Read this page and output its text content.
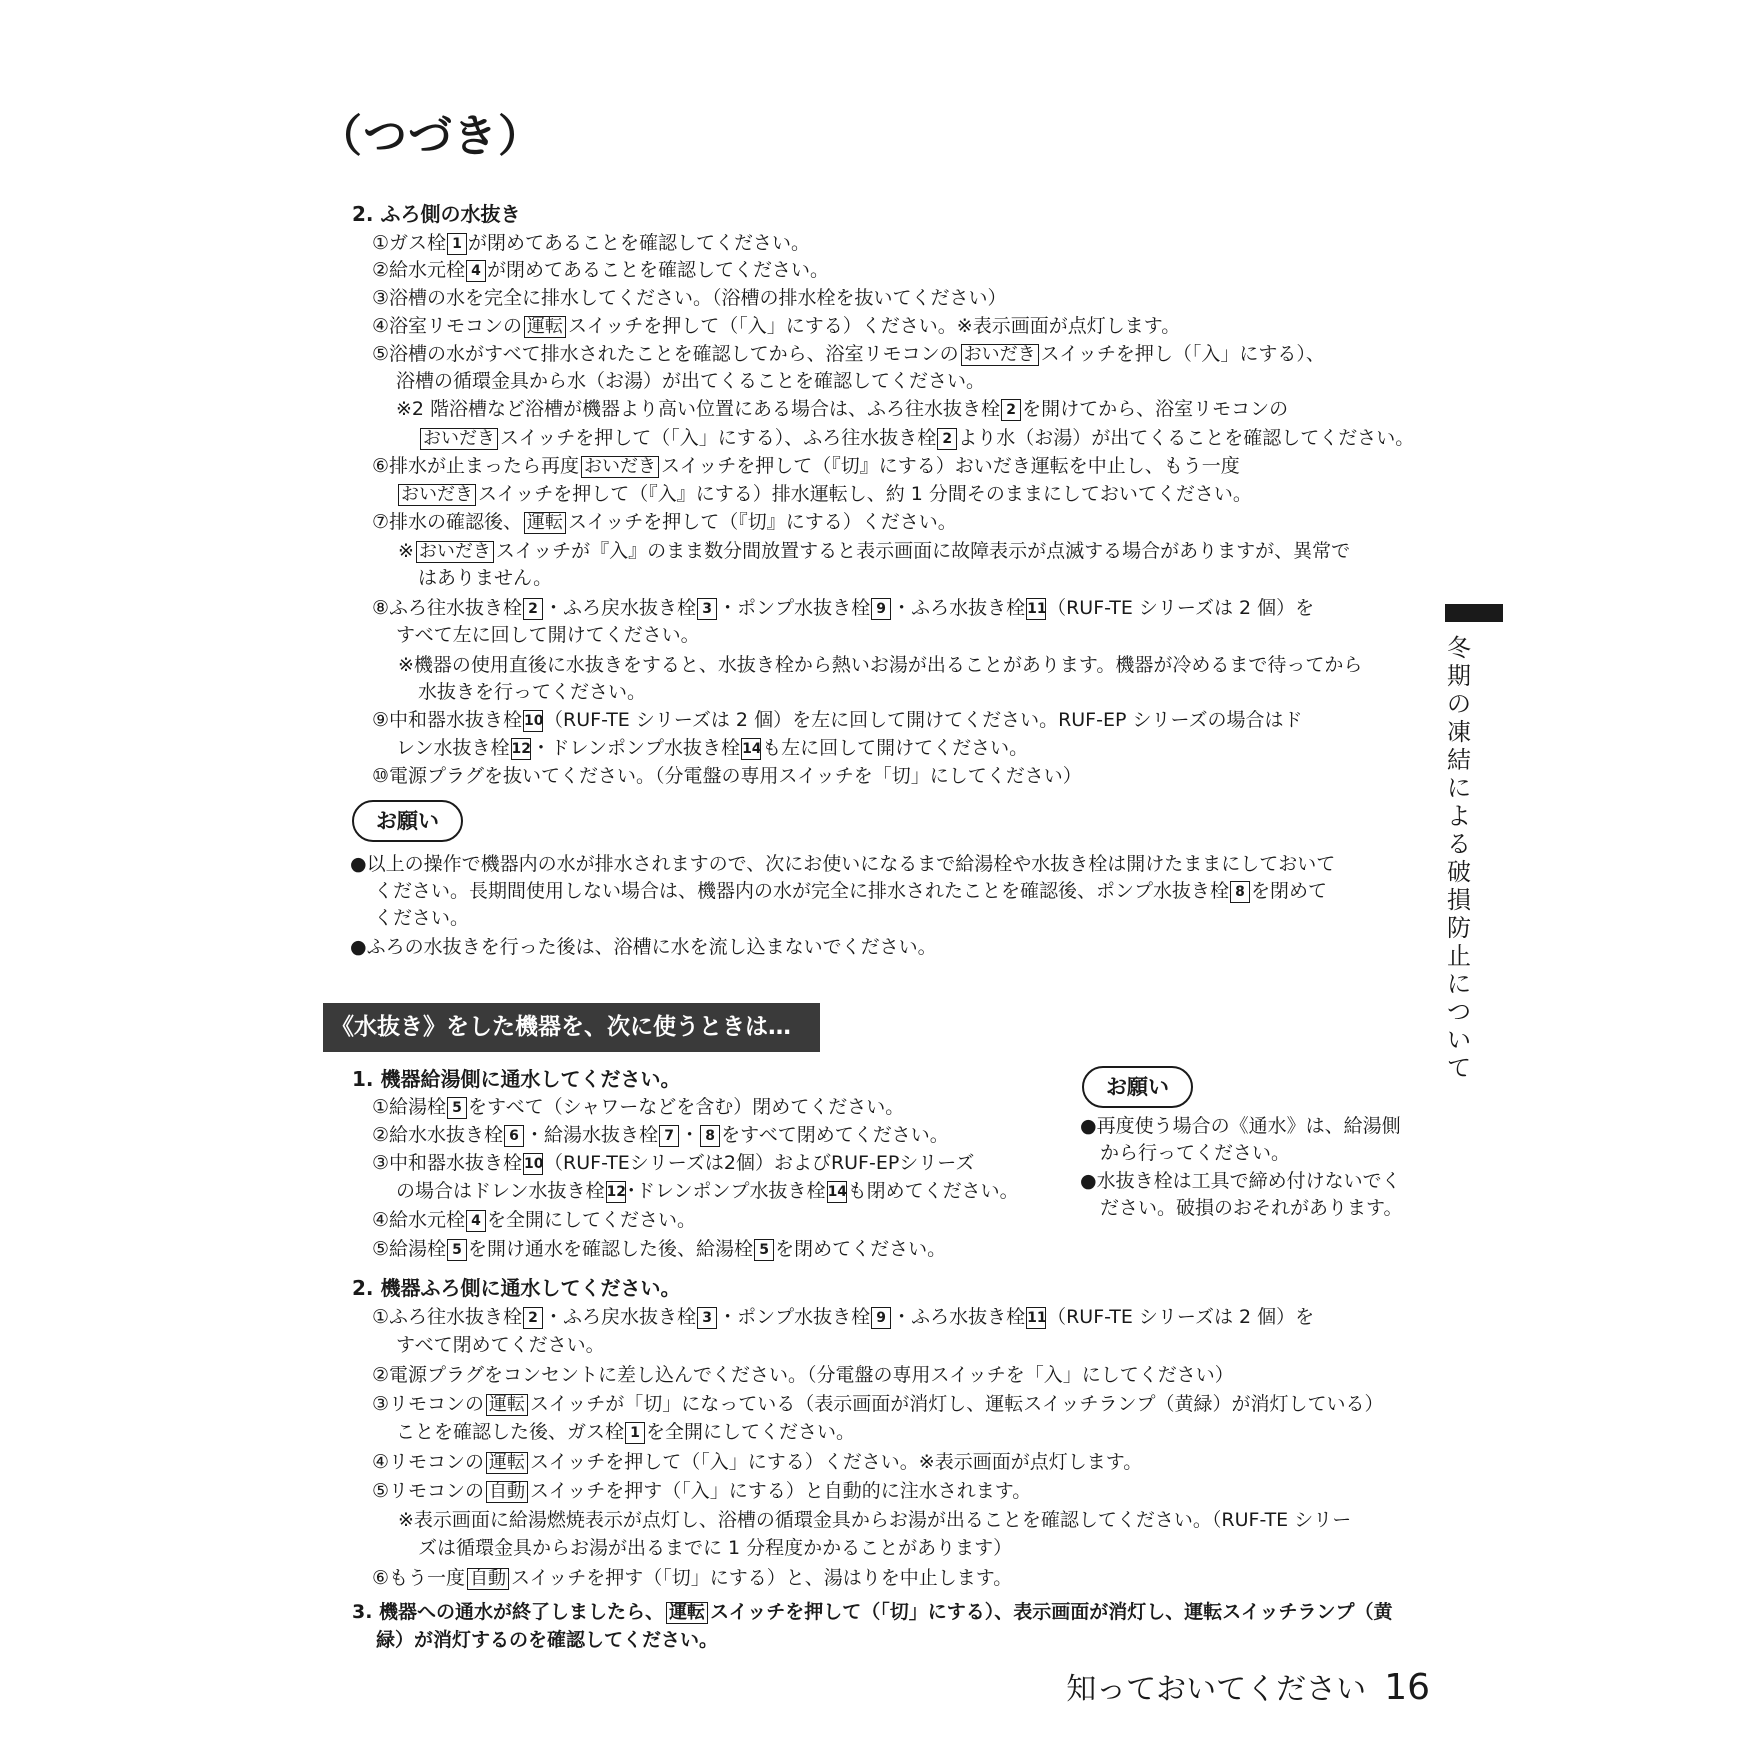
（つづき）
2. ふろ側の水抜き
①ガス栓 1 が閉めてあることを確認してください。
②給水元栓 4 が閉めてあることを確認してください。
③浴槽の水を完全に排水してください。（浴槽の排水栓を抜いてください）
④浴室リモコンの 運転 スイッチを押して（「入」にする）ください。※表示画面が点灯します。
⑤浴槽の水がすべて排水されたことを確認してから、浴室リモコンの おいだき スイッチを押し（「入」にする）、
浴槽の循環金具から水（お湯）が出てくることを確認してください。
※2 階浴槽など浴槽が機器より高い位置にある場合は、ふろ往水抜き栓 2 を開けてから、浴室リモコンの
おいだき スイッチを押して（「入」にする）、ふろ往水抜き栓 2 より水（お湯）が出てくることを確認してください。
⑥排水が止まったら再度 おいだき スイッチを押して（『切』にする）おいだき運転を中止し、もう一度
おいだき スイッチを押して（『入』にする）排水運転し、約 1 分間そのままにしておいてください。
⑦排水の確認後、 運転 スイッチを押して（『切』にする）ください。
※ おいだき スイッチが『入』のまま数分間放置すると表示画面に故障表示が点滅する場合がありますが、異常で
はありません。
⑧ふろ往水抜き栓 2 ・ふろ戻水抜き栓 3 ・ポンプ水抜き栓 9 ・ふろ水抜き栓 11（RUF-TE シリーズは 2 個）を
すべて左に回して開けてください。
※機器の使用直後に水抜きをすると、水抜き栓から熱いお湯が出ることがあります。機器が冷めるまで待ってから
水抜きを行ってください。
⑨中和器水抜き栓 10（RUF-TE シリーズは 2 個）を左に回して開けてください。RUF-EP シリーズの場合はド
レン水抜き栓 12・ドレンポンプ水抜き栓 14も左に回して開けてください。
⑩電源プラグを抜いてください。（分電盤の専用スイッチを「切」にしてください）
お願い
●以上の操作で機器内の水が排水されますので、次にお使いになるまで給湯栓や水抜き栓は開けたままにしておいて
ください。長期間使用しない場合は、機器内の水が完全に排水されたことを確認後、ポンプ水抜き栓 8 を閉めて
ください。
●ふろの水抜きを行った後は、浴槽に水を流し込まないでください。
《水抜き》をした機器を、次に使うときは…
1. 機器給湯側に通水してください。
①給湯栓 5 をすべて（シャワーなどを含む）閉めてください。
②給水水抜き栓 6 ・給湯水抜き栓 7 ・ 8 をすべて閉めてください。
③中和器水抜き栓 10（RUF-TEシリーズは2個）およびRUF-EPシリーズ
の場合はドレン水抜き栓 12･ドレンポンプ水抜き栓 14も閉めてください。
④給水元栓 4 を全開にしてください。
⑤給湯栓 5 を開け通水を確認した後、給湯栓 5 を閉めてください。
お願い
●再度使う場合の《通水》は、給湯側
から行ってください。
●水抜き栓は工具で締め付けないでく
ださい。破損のおそれがあります。
2. 機器ふろ側に通水してください。
①ふろ往水抜き栓 2 ・ふろ戻水抜き栓 3 ・ポンプ水抜き栓 9 ・ふろ水抜き栓 11（RUF-TE シリーズは 2 個）を
すべて閉めてください。
②電源プラグをコンセントに差し込んでください。（分電盤の専用スイッチを「入」にしてください）
③リモコンの 運転 スイッチが「切」になっている（表示画面が消灯し、運転スイッチランプ（黄緑）が消灯している）
ことを確認した後、ガス栓 1 を全開にしてください。
④リモコンの 運転 スイッチを押して（「入」にする）ください。※表示画面が点灯します。
⑤リモコンの 自動 スイッチを押す（「入」にする）と自動的に注水されます。
※表示画面に給湯燃焼表示が点灯し、浴槽の循環金具からお湯が出ることを確認してください。（RUF-TE シリー
ズは循環金具からお湯が出るまでに 1 分程度かかることがあります）
⑥もう一度 自動 スイッチを押す（「切」にする）と、湯はりを中止します。
3. 機器への通水が終了しましたら、 運転 スイッチを押して（「切」にする）、表示画面が消灯し、運転スイッチランプ（黄
緑）が消灯するのを確認してください。
冬期の凍結による破損防止について
知っておいてください 16
